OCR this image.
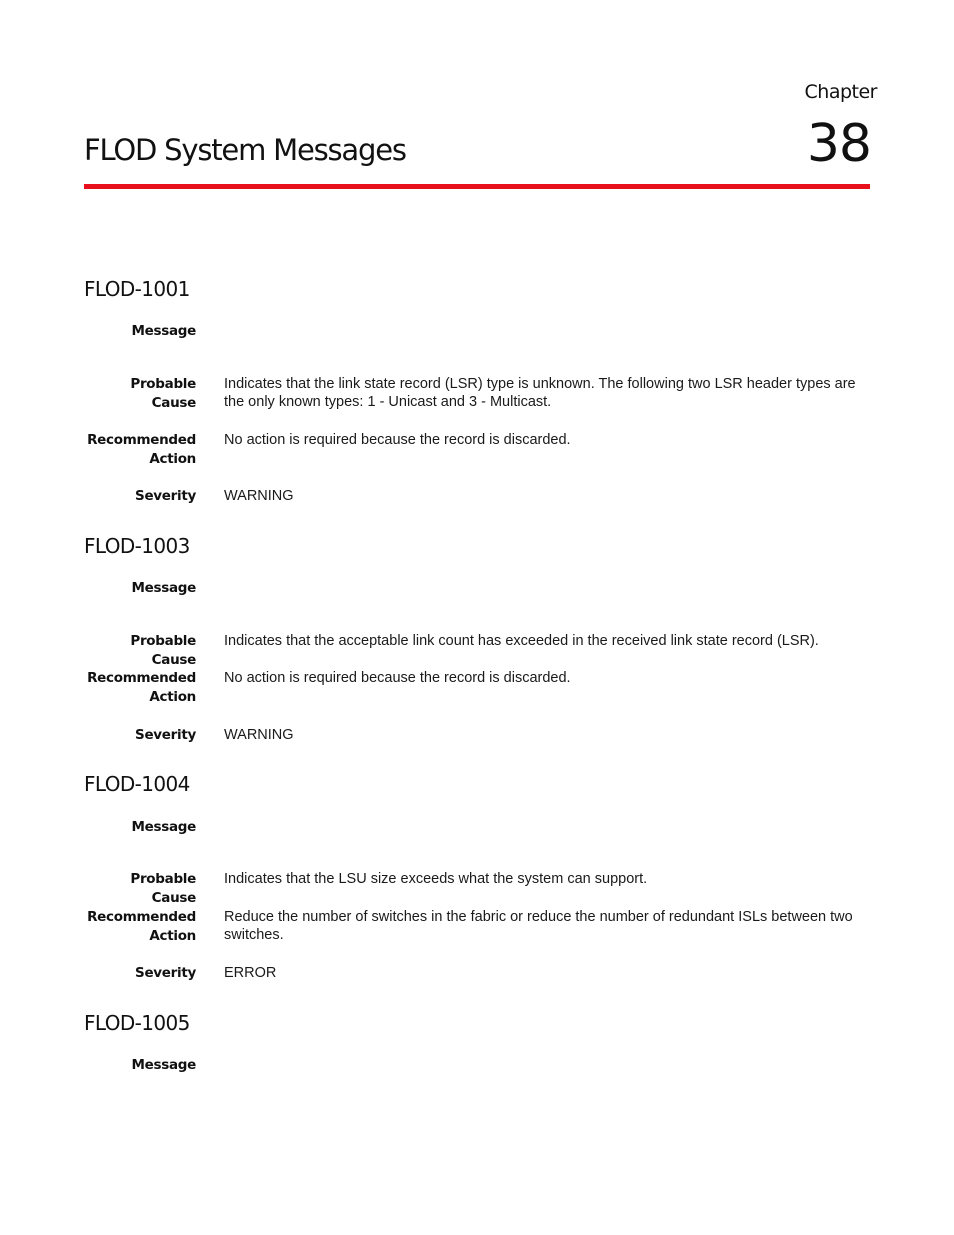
Chapter
38
FLOD System Messages
FLOD-1001
Message
Probable Cause
Indicates that the link state record (LSR) type is unknown. The following two LSR header types are the only known types: 1 - Unicast and 3 - Multicast.
Recommended Action
No action is required because the record is discarded.
Severity WARNING
FLOD-1003
Message
Probable Cause
Indicates that the acceptable link count has exceeded in the received link state record (LSR).
Recommended Action
No action is required because the record is discarded.
Severity WARNING
FLOD-1004
Message
Probable Cause
Indicates that the LSU size exceeds what the system can support.
Recommended Action
Reduce the number of switches in the fabric or reduce the number of redundant ISLs between two switches.
Severity ERROR
FLOD-1005
Message
